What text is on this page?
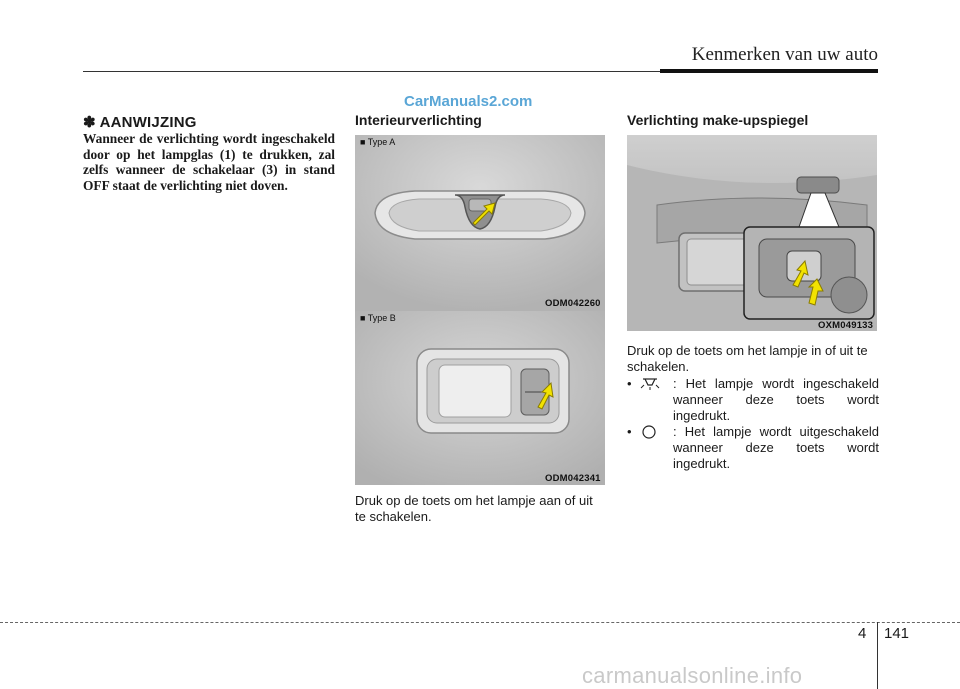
Kenmerken van uw auto
✽ AANWIJZING
Wanneer de verlichting wordt ingeschakeld door op het lampglas (1) te drukken, zal zelfs wanneer de schakelaar (3) in stand OFF staat de verlichting niet doven.
CarManuals2.com
Interieurverlichting
■ Type A
ODM042260
■ Type B
ODM042341
Druk op de toets om het lampje aan of uit te schakelen.
Verlichting make-upspiegel
OXM049133
Druk op de toets om het lampje in of uit te schakelen.
•	: Het lampje wordt ingeschakeld wanneer deze toets wordt ingedrukt.
•	: Het lampje wordt uitgeschakeld wanneer deze toets wordt ingedrukt.
4 141
carmanualsonline.info
